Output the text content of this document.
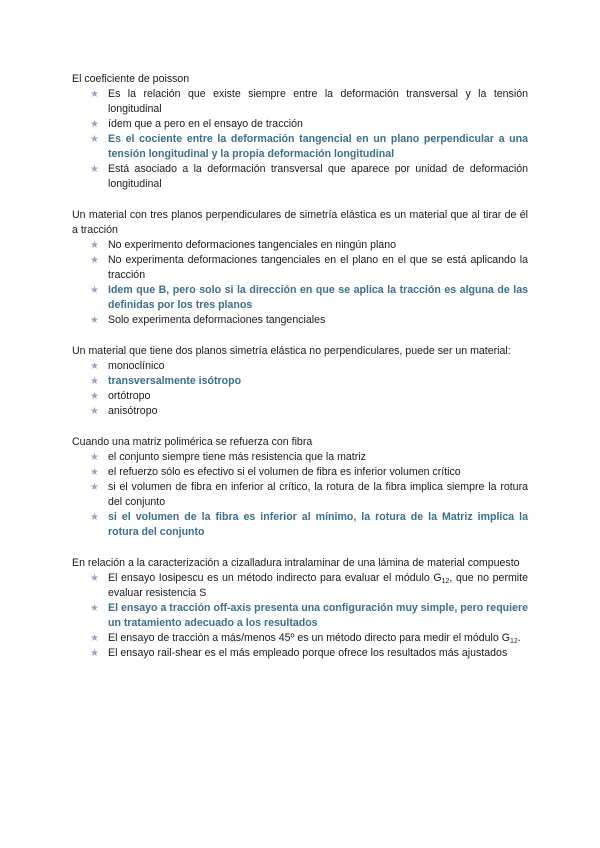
El coeficiente de poisson

★ Es la relación que existe siempre entre la deformación transversal y la tensión longitudinal
★ ídem que a pero en el ensayo de tracción
★ Es el cociente entre la deformación tangencial en un plano perpendicular a una tensión longitudinal y la propia deformación longitudinal
★ Está asociado a la deformación transversal que aparece por unidad de deformación longitudinal

Un material con tres planos perpendiculares de simetría elástica es un material que al tirar de él a tracción

★ No experimento deformaciones tangenciales en ningún plano
★ No experimenta deformaciones tangenciales en el plano en el que se está aplicando la tracción
★ Idem que B, pero solo si la dirección en que se aplica la tracción es alguna de las definidas por los tres planos
★ Solo experimenta deformaciones tangenciales

Un material que tiene dos planos simetría elástica no perpendiculares, puede ser un material:

★ monoclínico
★ transversalmente isótropo
★ ortótropo
★ anisótropo

Cuando una matriz polimérica se refuerza con fibra

★ el conjunto siempre tiene más resistencia que la matriz
★ el refuerzo sólo es efectivo si el volumen de fibra es inferior volumen crítico
★ si el volumen de fibra en inferior al crítico, la rotura de la fibra implica siempre la rotura del conjunto
★ si el volumen de la fibra es inferior al mínimo, la rotura de la Matriz implica la rotura del conjunto

En relación a la caracterización a cizalladura intralaminar de una lámina de material compuesto

★ El ensayo Iosipescu es un método indirecto para evaluar el módulo $G_{12}$, que no permite evaluar resistencia S
★ El ensayo a tracción off-axis presenta una configuración muy simple, pero requiere un tratamiento adecuado a los resultados
★ El ensayo de tracción a más/menos 45º es un método directo para medir el módulo $G_{12}$.
★ El ensayo rail-shear es el más empleado porque ofrece los resultados más ajustados
